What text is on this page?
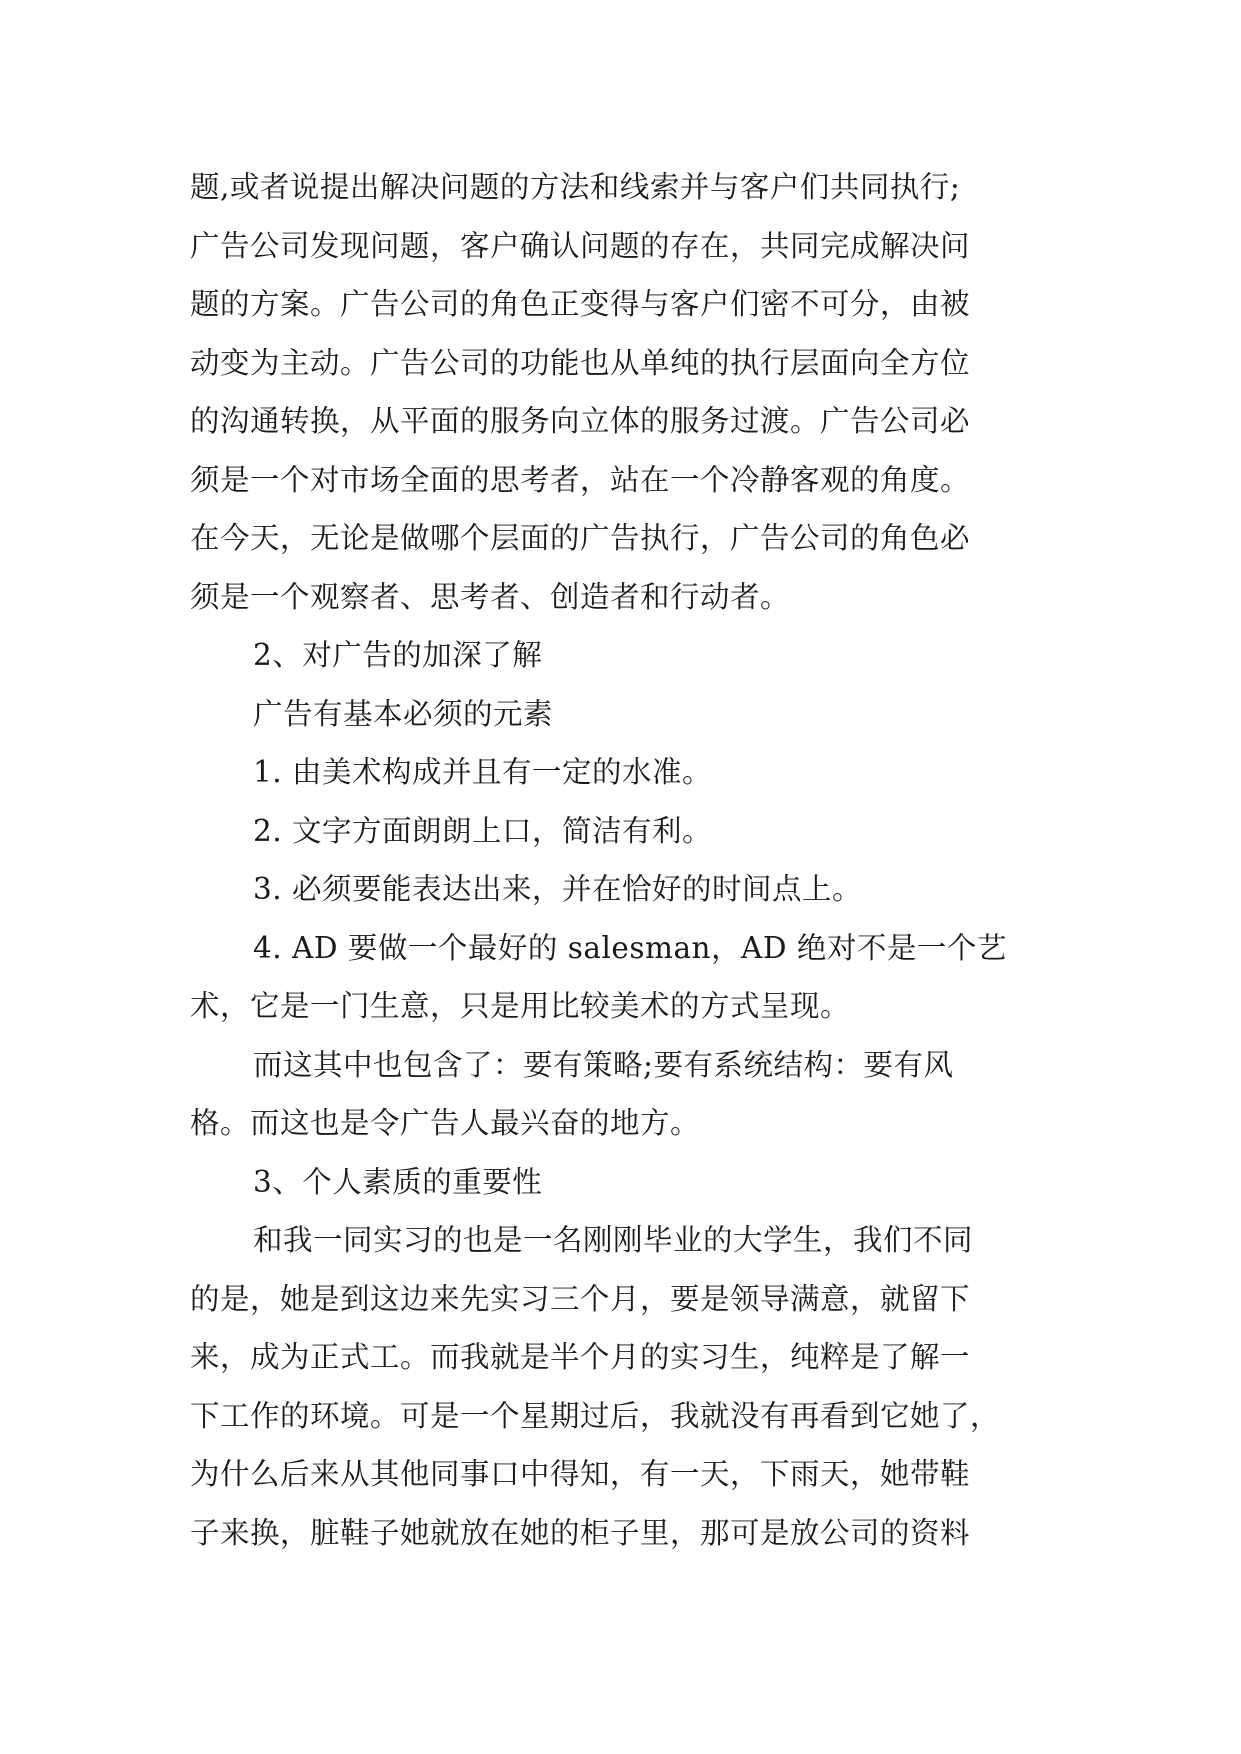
题,或者说提出解决问题的方法和线索并与客户们共同执行;
广告公司发现问题，客户确认问题的存在，共同完成解决问
题的方案。广告公司的角色正变得与客户们密不可分，由被
动变为主动。广告公司的功能也从单纯的执行层面向全方位
的沟通转换，从平面的服务向立体的服务过渡。广告公司必
须是一个对市场全面的思考者，站在一个冷静客观的角度。
在今天，无论是做哪个层面的广告执行，广告公司的角色必
须是一个观察者、思考者、创造者和行动者。
2、对广告的加深了解
广告有基本必须的元素
1. 由美术构成并且有一定的水准。
2. 文字方面朗朗上口，简洁有利。
3. 必须要能表达出来，并在恰好的时间点上。
4. AD 要做一个最好的 salesman，AD 绝对不是一个艺
术，它是一门生意，只是用比较美术的方式呈现。
而这其中也包含了：要有策略;要有系统结构：要有风
格。而这也是令广告人最兴奋的地方。
3、个人素质的重要性
和我一同实习的也是一名刚刚毕业的大学生，我们不同
的是，她是到这边来先实习三个月，要是领导满意，就留下
来，成为正式工。而我就是半个月的实习生，纯粹是了解一
下工作的环境。可是一个星期过后，我就没有再看到它她了，
为什么后来从其他同事口中得知，有一天，下雨天，她带鞋
子来换，脏鞋子她就放在她的柜子里，那可是放公司的资料
